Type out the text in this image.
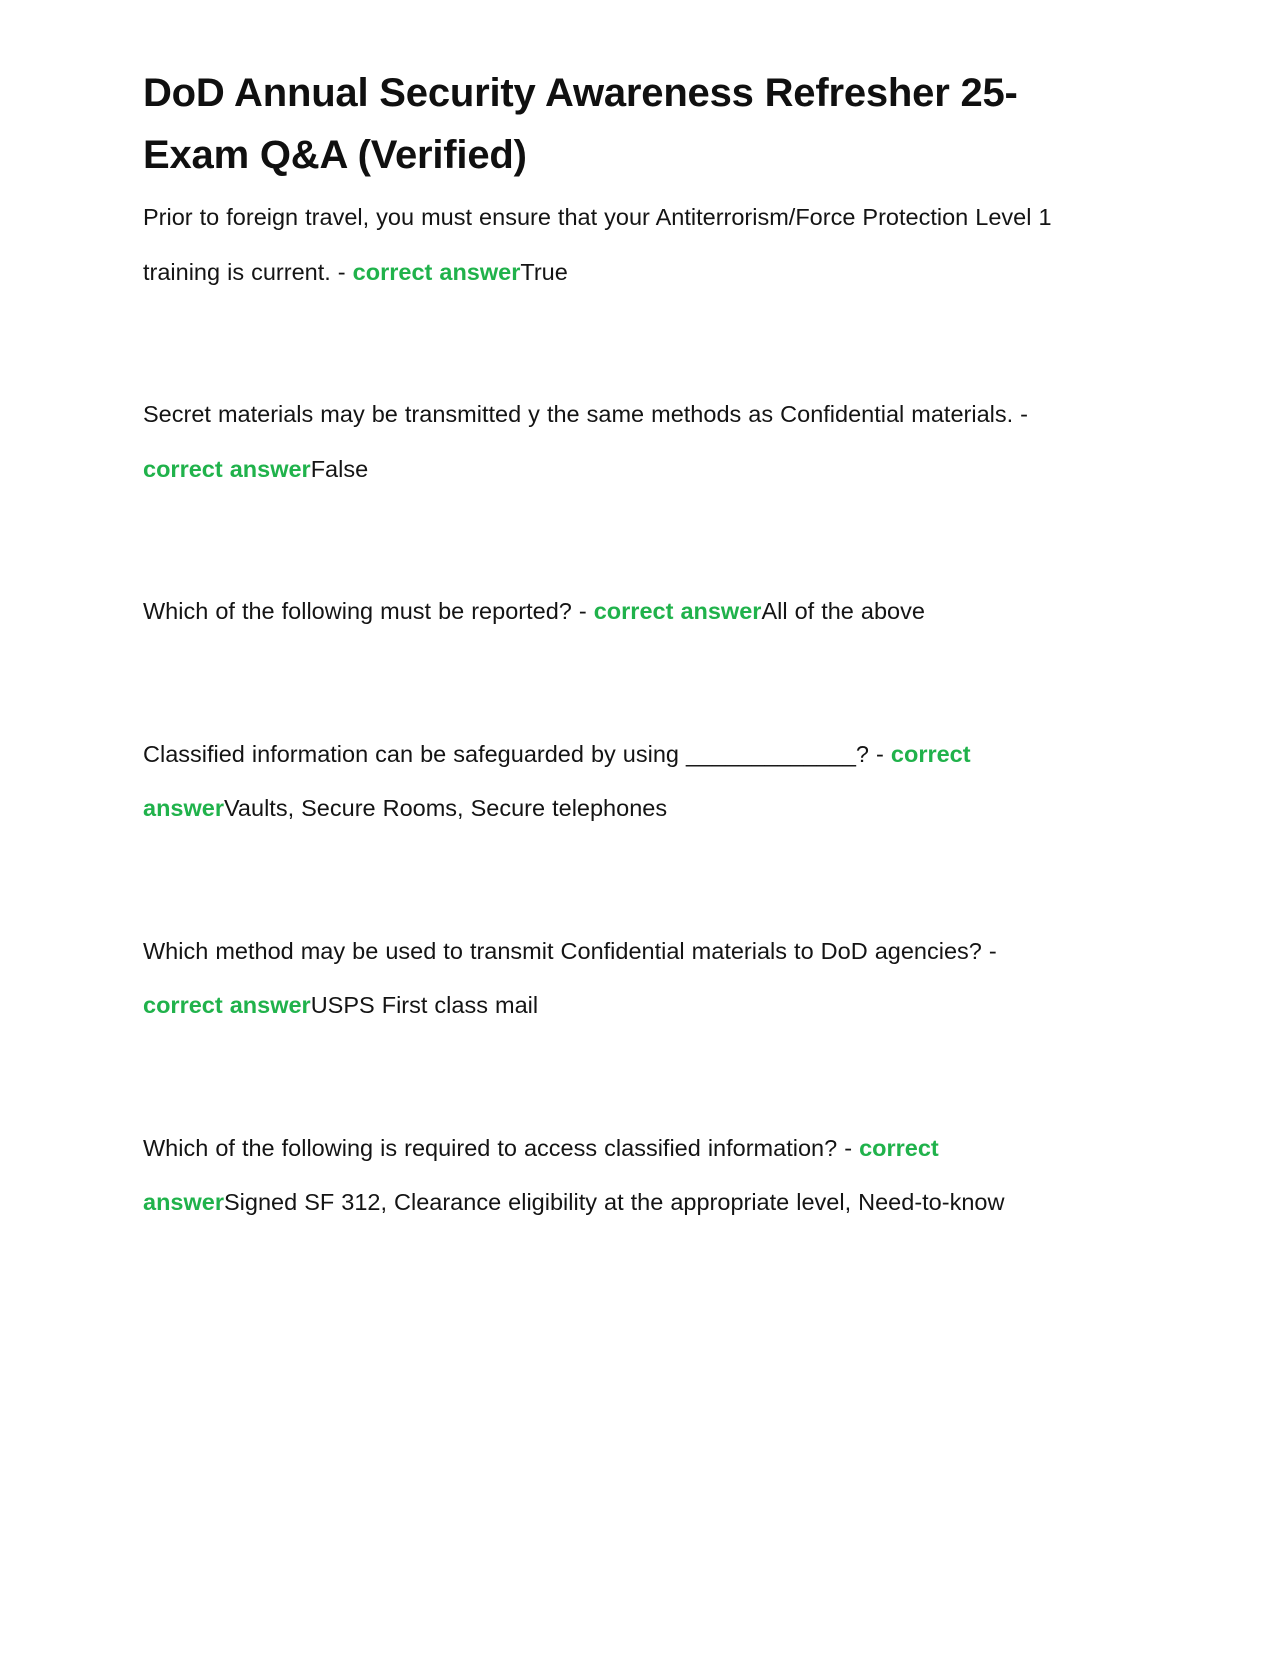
DoD Annual Security Awareness Refresher 25-Exam Q&A (Verified)

Prior to foreign travel, you must ensure that your Antiterrorism/Force Protection Level 1 training is current. - correct answerTrue

Secret materials may be transmitted y the same methods as Confidential materials. - correct answerFalse

Which of the following must be reported? - correct answerAll of the above

Classified information can be safeguarded by using _____________? - correct answerVaults, Secure Rooms, Secure telephones

Which method may be used to transmit Confidential materials to DoD agencies? - correct answerUSPS First class mail

Which of the following is required to access classified information? - correct answerSigned SF 312, Clearance eligibility at the appropriate level, Need-to-know
